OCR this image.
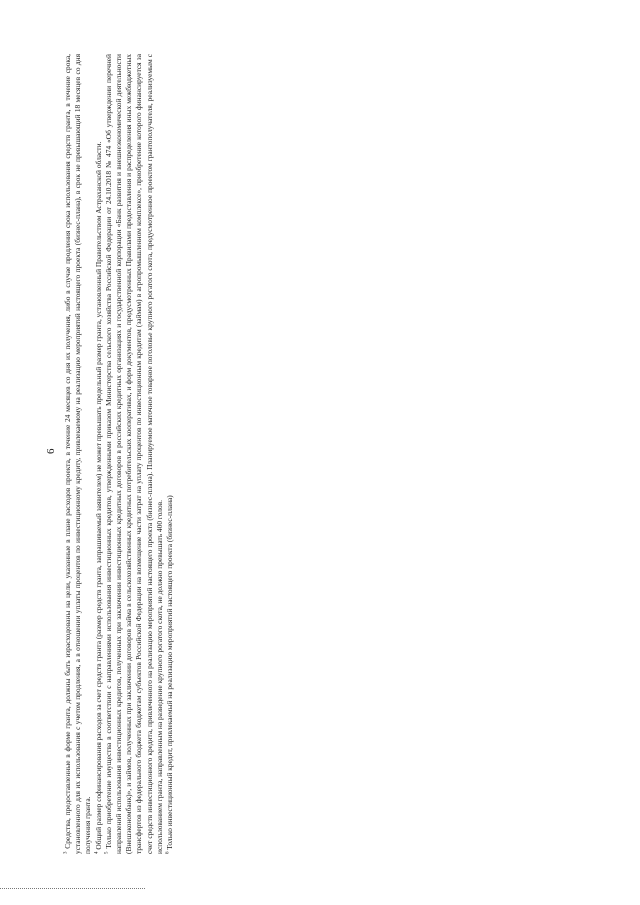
6

$^3$ Средства, предоставленные в форме гранта, должны быть израсходованы на цели, указанные в плане расходов проекта, в течение 24 месяцев со дня их получения, либо в случае продления срока использования средств гранта, в течение срока, установленного для их использования с учетом продления, а в отношении уплаты процентов по инвестиционному кредиту, привлекаемому на реализацию мероприятий настоящего проекта (бизнес-плана), в срок не превышающий 18 месяцев со дня получения гранта. $^4$ Общий размер софинансирования расходов за счет средств гранта (размер средств гранта, запрашиваемый заявителем) не может превышать предельный размер гранта, установленный Правительством Астраханской области.

$^5$ Только приобретение имущества в соответствии с направлениями использования инвестиционных кредитов, утвержденными приказом Министерства сельского хозяйства Российской Федерации от 24.10.2018 № 474 «Об утверждении перечней направлений использования инвестиционных кредитов, полученных при заключении инвестиционных кредитных договоров в российских кредитных организациях и государственной корпорации «Банк развития и внешнеэкономической деятельности (Внешэкономбанк)», и займов, полученных при заключении договоров займа в сельскохозяйственных кредитных потребительских кооперативах, и форм документов, предусмотренных Правилами предоставления и распределения иных межбюджетных трансфертов из федерального бюджета бюджетам субъектов Российской Федерации на возмещение части затрат на уплату процентов по инвестиционным кредитам (займам) в агропромышленном комплексе», приобретение которого финансируется за счет средств инвестиционного кредита, привлеченного на реализацию мероприятий настоящего проекта (бизнес-плана). Планируемое маточное товарное поголовье крупного рогатого скота, предусмотренное проектом грантополучателя, реализуемым с использованием гранта, направленным на разведение крупного рогатого скота, не должно превышать 400 голов. $^6$ Только инвестиционный кредит, привлекаемый на реализацию мероприятий настоящего проекта (бизнес-плана)
